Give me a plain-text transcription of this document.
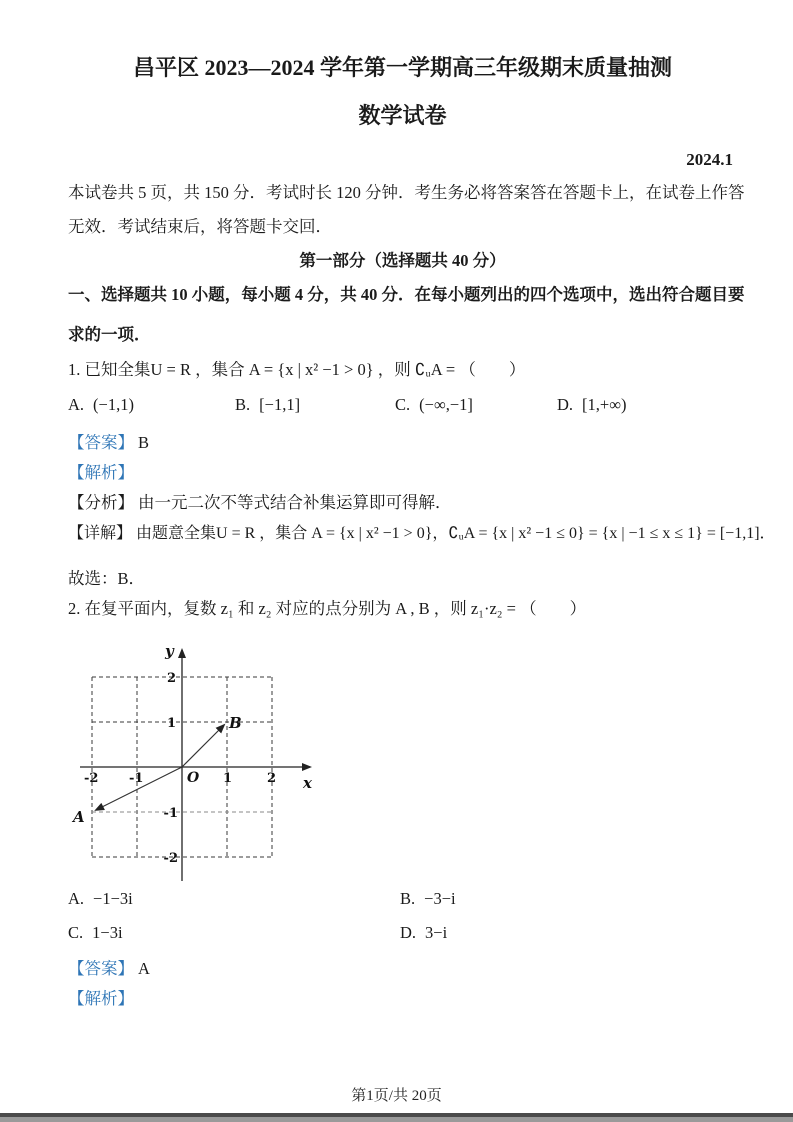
昌平区 2023—2024 学年第一学期高三年级期末质量抽测
数学试卷
2024.1
本试卷共 5 页，共 150 分．考试时长 120 分钟．考生务必将答案答在答题卡上，在试卷上作答
无效．考试结束后，将答题卡交回．
第一部分（选择题共 40 分）
一、选择题共 10 小题，每小题 4 分，共 40 分．在每小题列出的四个选项中，选出符合题目要
求的一项．
1. 已知全集U = R ，集合 A = {x | x² −1 > 0} ，则 ∁ᵤA = （　　）
A. (−1,1)	B. [−1,1]	C. (−∞,−1]	D. [1,+∞)
【答案】 B
【解析】
【分析】 由一元二次不等式结合补集运算即可得解．
【详解】 由题意全集U = R ，集合 A = {x | x² −1 > 0}，∁ᵤA = {x | x² −1 ≤ 0} = {x | −1 ≤ x ≤ 1} = [−1,1]．
故选：B．
2. 在复平面内，复数 z₁ 和 z₂ 对应的点分别为 A , B ，则 z₁·z₂ = （　　）
y
x
O
B
A
-2 -1	1	2
2
1
-1
-2
A. −1−3i	B. −3−i
C. 1−3i	D. 3−i
【答案】 A
【解析】
第1页/共 20页
